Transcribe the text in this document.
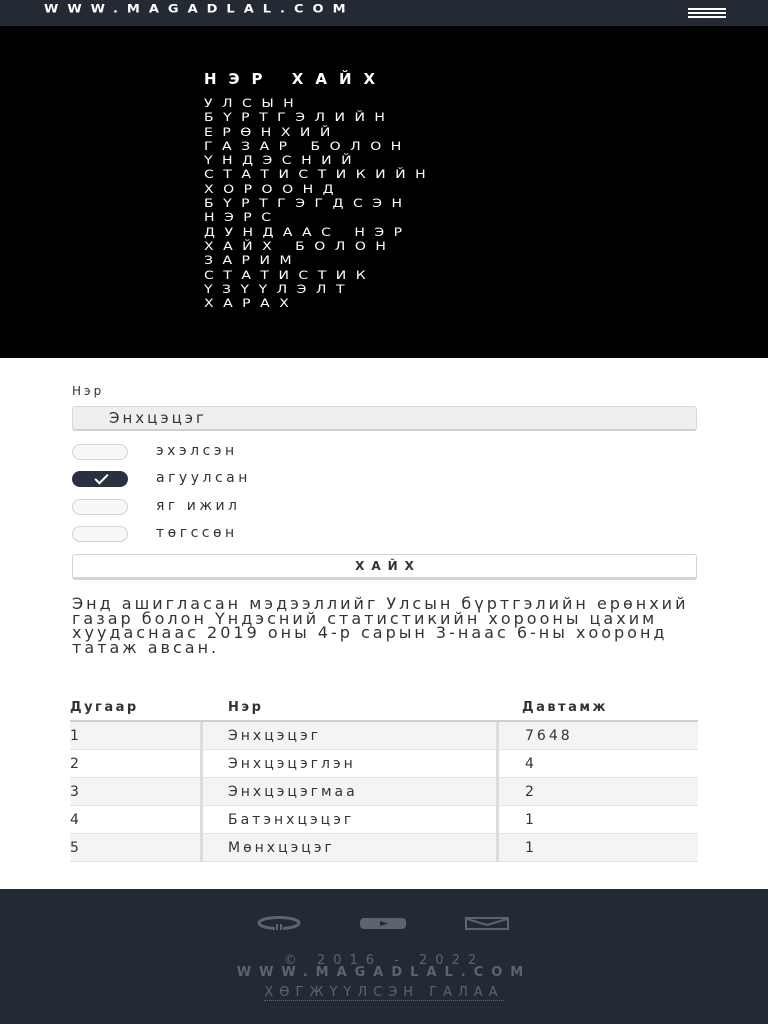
WWW.MAGADLAL.COM
НЭР ХАЙХ
УЛСЫН
БҮРТГЭЛИЙН
ЕРӨНХИЙ
ГАЗАР БОЛОН
ҮНДЭСНИЙ
СТАТИСТИКИЙН
ХОРООНД
БҮРТГЭГДСЭН
НЭРС
ДУНДААС НЭР
ХАЙХ БОЛОН
ЗАРИМ
СТАТИСТИК
ҮЗҮҮЛЭЛТ
ХАРАХ
Нэр
Энхцэцэг
эхэлсэн
агуулсан
яг ижил
төгссөн
ХАЙХ

Энд ашигласан мэдээллийг Улсын бүртгэлийн ерөнхий газар болон Үндэсний статистикийн хорооны цахим хуудаснаас 2019 оны 4-р сарын 3-наас 6-ны хооронд татаж авсан.

Дугаар	Нэр	Давтамж
1	Энхцэцэг	7648
2	Энхцэцэглэн	4
3	Энхцэцэгмаа	2
4	Батэнхцэцэг	1
5	Мөнхцэцэг	1
© 2016 - 2022
WWW.MAGADLAL.COM
ХӨГЖҮҮЛСЭН ГАЛАА
